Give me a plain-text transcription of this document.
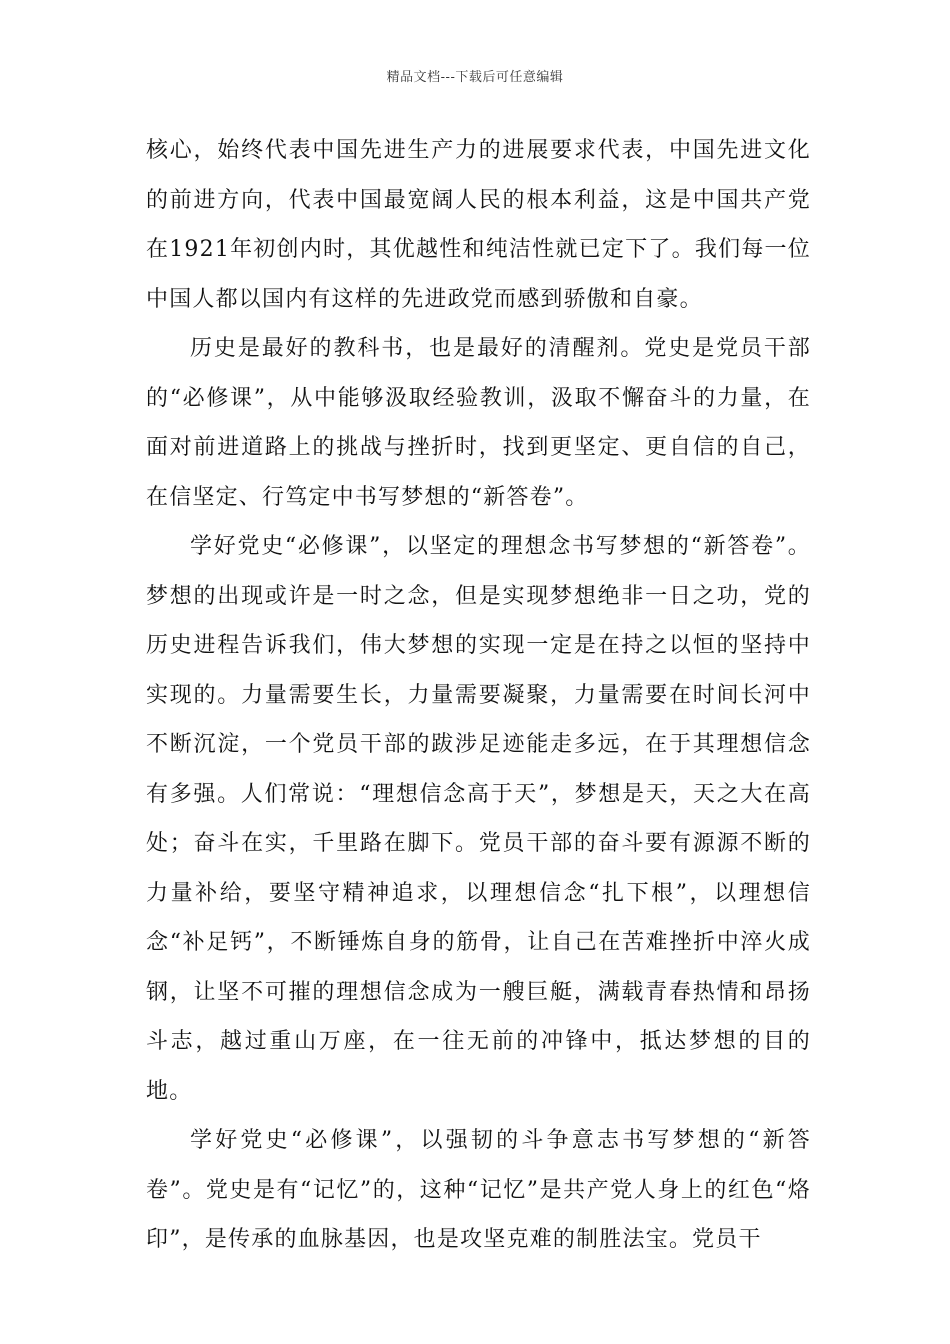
精品文档---下载后可任意编辑

核心，始终代表中国先进生产力的进展要求代表，中国先进文化的前进方向，代表中国最宽阔人民的根本利益，这是中国共产党在1921年初创内时，其优越性和纯洁性就已定下了。我们每一位中国人都以国内有这样的先进政党而感到骄傲和自豪。

历史是最好的教科书，也是最好的清醒剂。党史是党员干部的“必修课”，从中能够汲取经验教训，汲取不懈奋斗的力量，在面对前进道路上的挑战与挫折时，找到更坚定、更自信的自己，在信坚定、行笃定中书写梦想的“新答卷”。

学好党史“必修课”，以坚定的理想念书写梦想的“新答卷”。梦想的出现或许是一时之念，但是实现梦想绝非一日之功，党的历史进程告诉我们，伟大梦想的实现一定是在持之以恒的坚持中实现的。力量需要生长，力量需要凝聚，力量需要在时间长河中不断沉淀，一个党员干部的跋涉足迹能走多远，在于其理想信念有多强。人们常说：“理想信念高于天”，梦想是天，天之大在高处；奋斗在实，千里路在脚下。党员干部的奋斗要有源源不断的力量补给，要坚守精神追求，以理想信念“扎下根”，以理想信念“补足钙”，不断锤炼自身的筋骨，让自己在苦难挫折中淬火成钢，让坚不可摧的理想信念成为一艘巨艇，满载青春热情和昂扬斗志，越过重山万座，在一往无前的冲锋中，抵达梦想的目的地。

学好党史“必修课”，以强韧的斗争意志书写梦想的“新答卷”。党史是有“记忆”的，这种“记忆”是共产党人身上的红色“烙印”，是传承的血脉基因，也是攻坚克难的制胜法宝。党员干
